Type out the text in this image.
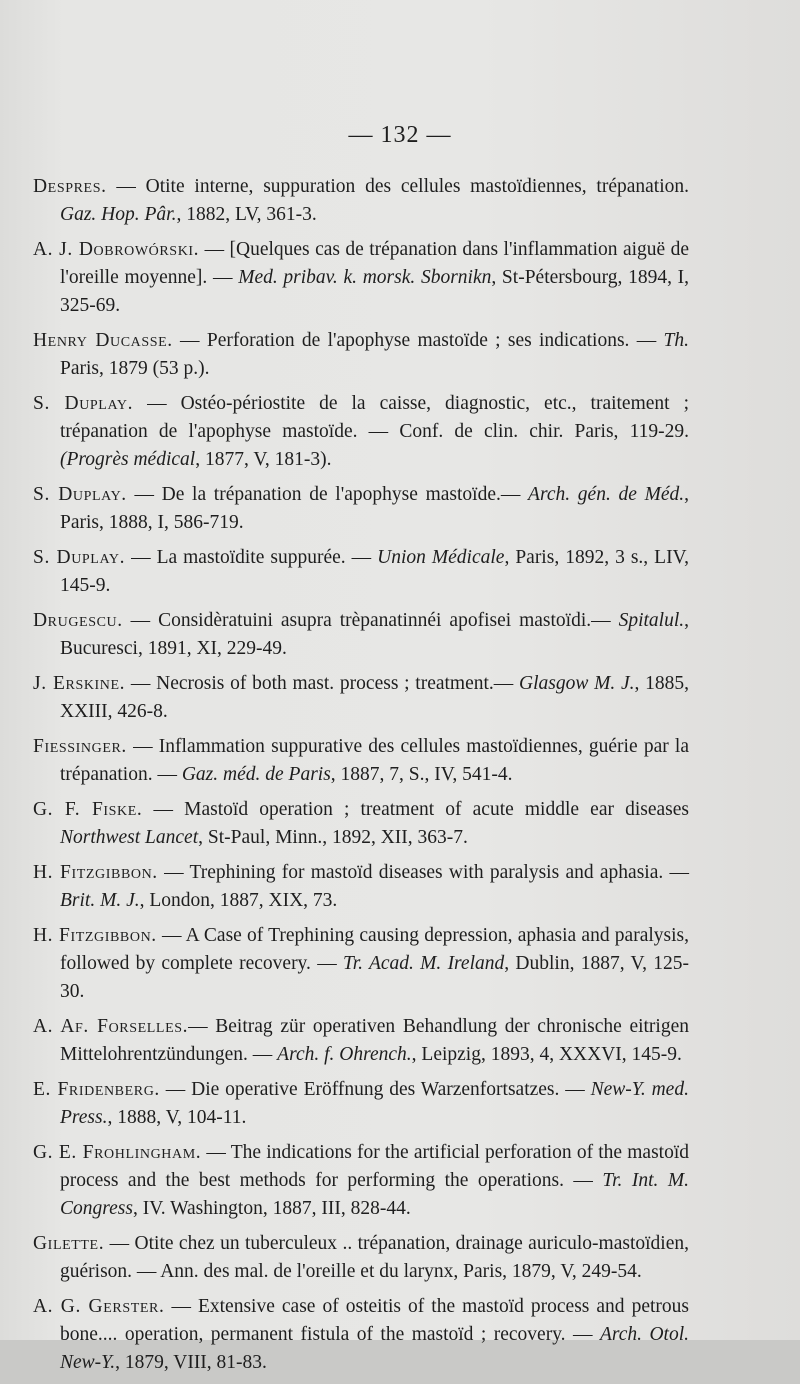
— 132 —

Despres. — Otite interne, suppuration des cellules mastoïdiennes, trépanation. Gaz. Hop. Pâr., 1882, LV, 361-3.

A. J. Dobrowórski. — [Quelques cas de trépanation dans l'inflammation aiguë de l'oreille moyenne]. — Med. pribav. k. morsk. Sbornikn, St-Pétersbourg, 1894, I, 325-69.

Henry Ducasse. — Perforation de l'apophyse mastoïde ; ses indications. — Th. Paris, 1879 (53 p.).

S. Duplay. — Ostéo-périostite de la caisse, diagnostic, etc., traitement ; trépanation de l'apophyse mastoïde. — Conf. de clin. chir. Paris, 119-29. (Progrès médical, 1877, V, 181-3).

S. Duplay. — De la trépanation de l'apophyse mastoïde.— Arch. gén. de Méd., Paris, 1888, I, 586-719.

S. Duplay. — La mastoïdite suppurée. — Union Médicale, Paris, 1892, 3 s., LIV, 145-9.

Drugescu. — Considèratuini asupra trèpanatinnéi apofisei mastoïdi.— Spitalul., Bucuresci, 1891, XI, 229-49.

J. Erskine. — Necrosis of both mast. process ; treatment.— Glasgow M. J., 1885, XXIII, 426-8.

Fiessinger. — Inflammation suppurative des cellules mastoïdiennes, guérie par la trépanation. — Gaz. méd. de Paris, 1887, 7, S., IV, 541-4.

G. F. Fiske. — Mastoïd operation ; treatment of acute middle ear diseases Northwest Lancet, St-Paul, Minn., 1892, XII, 363-7.

H. Fitzgibbon. — Trephining for mastoïd diseases with paralysis and aphasia. — Brit. M. J., London, 1887, XIX, 73.

H. Fitzgibbon. — A Case of Trephining causing depression, aphasia and paralysis, followed by complete recovery. — Tr. Acad. M. Ireland, Dublin, 1887, V, 125-30.

A. Af. Forselles.— Beitrag zür operativen Behandlung der chronische eitrigen Mittelohrentzündungen. — Arch. f. Ohrench., Leipzig, 1893, 4, XXXVI, 145-9.

E. Fridenberg. — Die operative Eröffnung des Warzenfortsatzes. — New-Y. med. Press., 1888, V, 104-11.

G. E. Frohlingham. — The indications for the artificial perforation of the mastoïd process and the best methods for performing the operations. — Tr. Int. M. Congress, IV. Washington, 1887, III, 828-44.

Gilette. — Otite chez un tuberculeux .. trépanation, drainage auriculo-mastoïdien, guérison. — Ann. des mal. de l'oreille et du larynx, Paris, 1879, V, 249-54.

A. G. Gerster. — Extensive case of osteitis of the mastoïd process and petrous bone.... operation, permanent fistula of the mastoïd ; recovery. — Arch. Otol. New-Y., 1879, VIII, 81-83.
